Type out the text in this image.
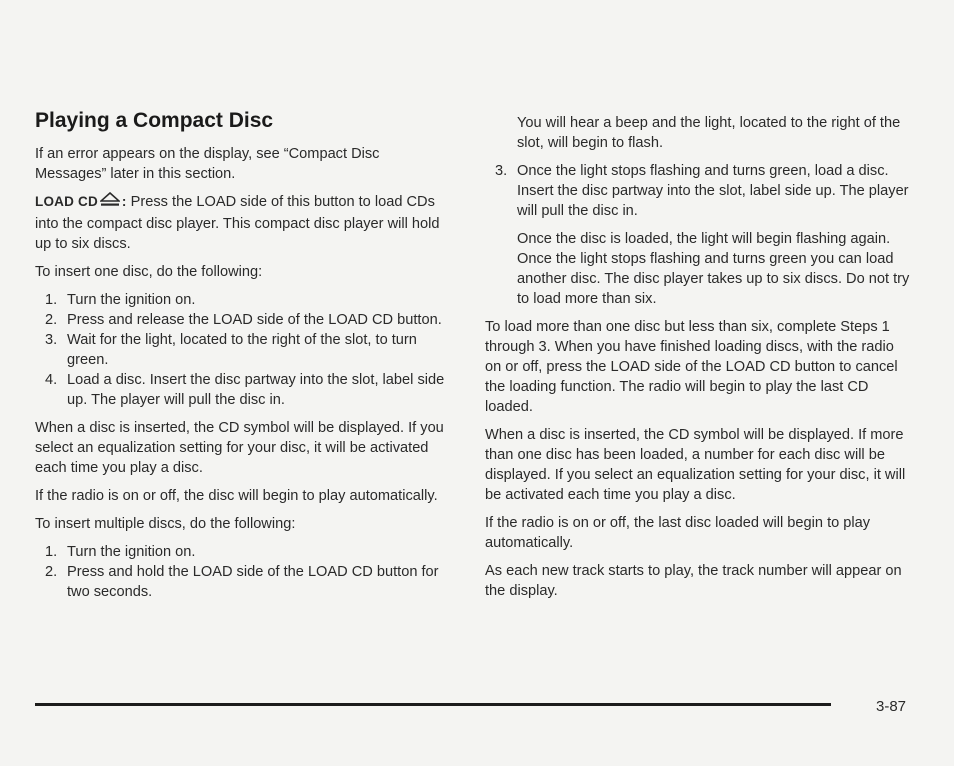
Playing a Compact Disc

If an error appears on the display, see “Compact Disc Messages” later in this section.

LOAD CD : Press the LOAD side of this button to load CDs into the compact disc player. This compact disc player will hold up to six discs.

To insert one disc, do the following:

1. Turn the ignition on.
2. Press and release the LOAD side of the LOAD CD button.
3. Wait for the light, located to the right of the slot, to turn green.
4. Load a disc. Insert the disc partway into the slot, label side up. The player will pull the disc in.

When a disc is inserted, the CD symbol will be displayed. If you select an equalization setting for your disc, it will be activated each time you play a disc.

If the radio is on or off, the disc will begin to play automatically.

To insert multiple discs, do the following:

1. Turn the ignition on.
2. Press and hold the LOAD side of the LOAD CD button for two seconds.

You will hear a beep and the light, located to the right of the slot, will begin to flash.

3. Once the light stops flashing and turns green, load a disc. Insert the disc partway into the slot, label side up. The player will pull the disc in.

Once the disc is loaded, the light will begin flashing again. Once the light stops flashing and turns green you can load another disc. The disc player takes up to six discs. Do not try to load more than six.

To load more than one disc but less than six, complete Steps 1 through 3. When you have finished loading discs, with the radio on or off, press the LOAD side of the LOAD CD button to cancel the loading function. The radio will begin to play the last CD loaded.

When a disc is inserted, the CD symbol will be displayed. If more than one disc has been loaded, a number for each disc will be displayed. If you select an equalization setting for your disc, it will be activated each time you play a disc.

If the radio is on or off, the last disc loaded will begin to play automatically.

As each new track starts to play, the track number will appear on the display.

3-87
